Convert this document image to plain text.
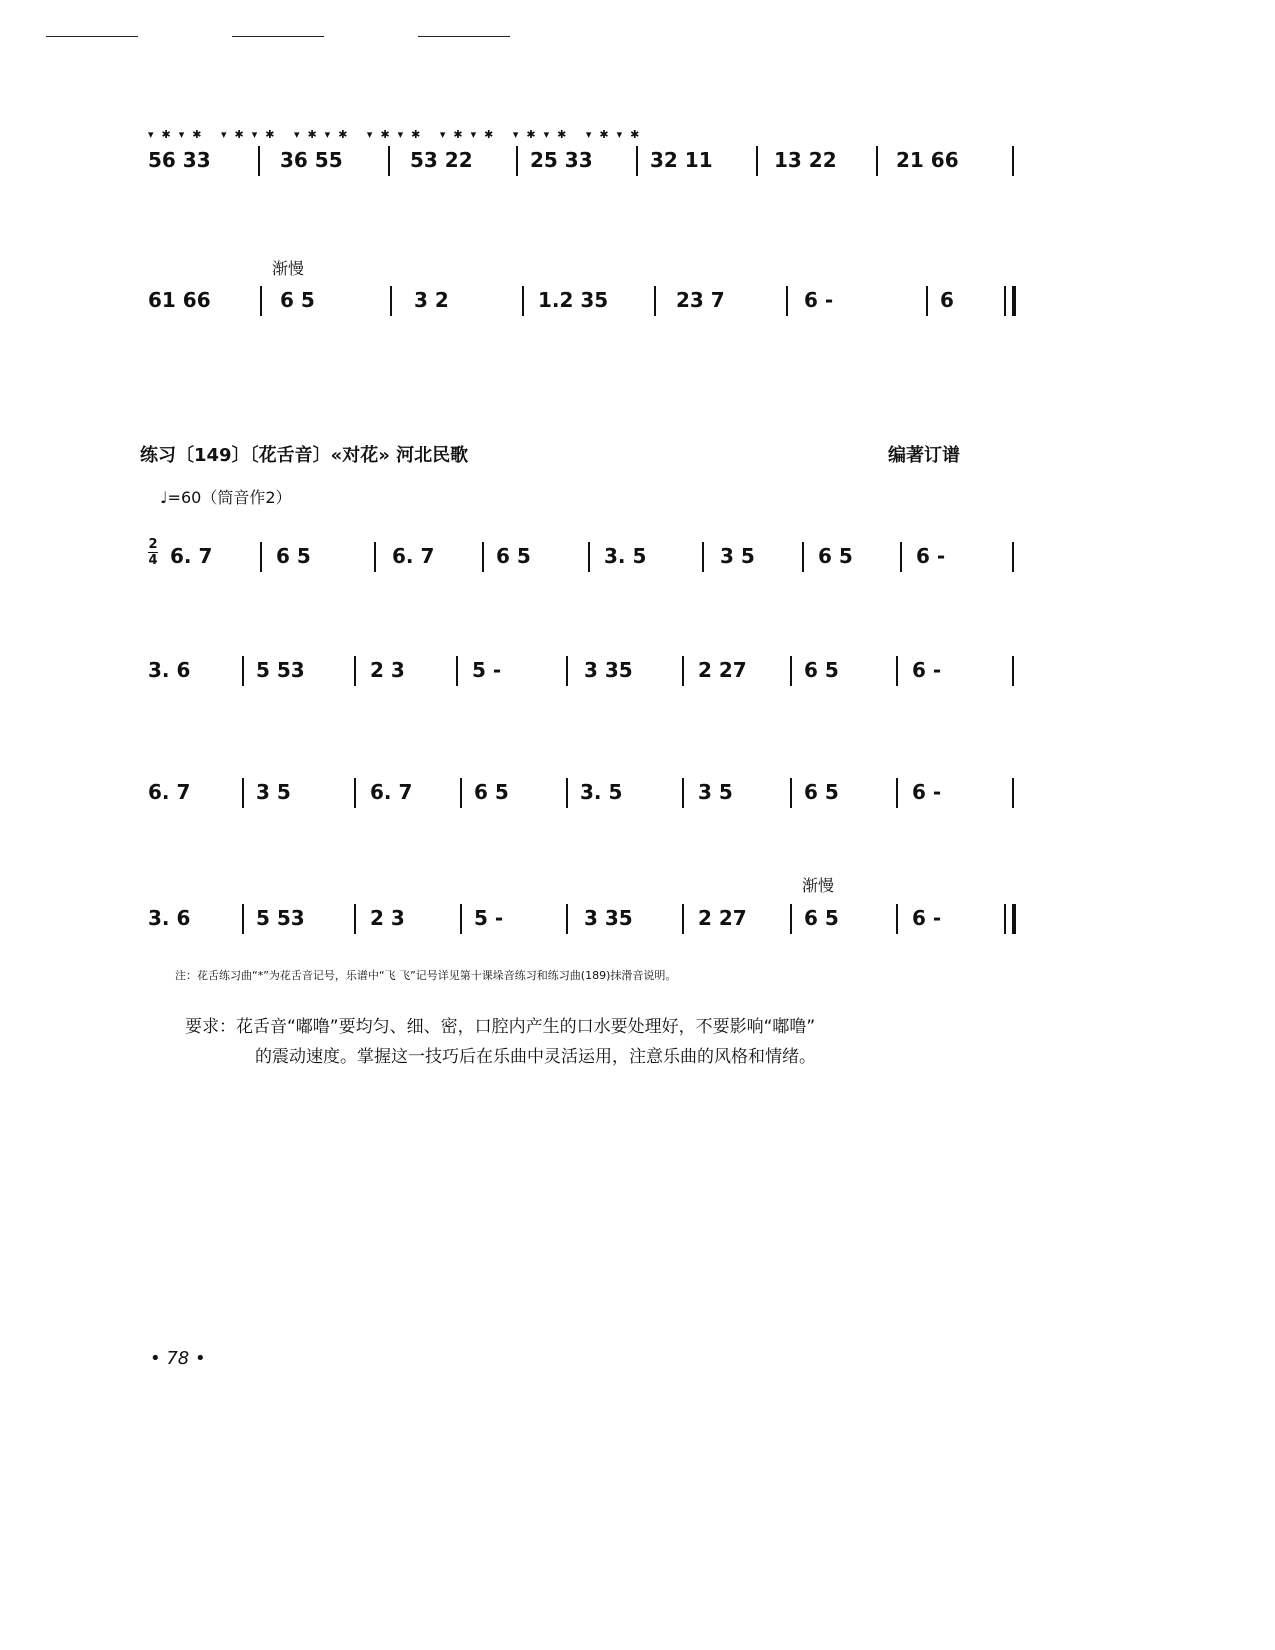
▾✱▾✱ ▾✱▾✱ ▾✱▾✱ ▾✱▾✱ ▾✱▾✱ ▾✱▾✱ ▾✱▾✱
56 33	36 55	53 22	25 33	32 11	13 22	21 66
渐慢
61 66	6 5	3 2	1.2 35	23 7	6 -	6
练习〔149〕〔花舌音〕«对花» 河北民歌	编著订谱
♩=60（筒音作2）
2
4 6. 7	6 5	6. 7	6 5	3. 5	3 5	6 5	6 -
3. 6	5 53	2 3	5 -	3 35	2 27	6 5	6 -
6. 7	3 5	6. 7	6 5	3. 5	3 5	6 5	6 -
渐慢
3. 6	5 53	2 3	5 -	3 35	2 27	6 5	6 -
注：花舌练习曲“*”为花舌音记号，乐谱中“飞 飞”记号详见第十课垛音练习和练习曲(189)抹滑音说明。
要求：花舌音“嘟噜”要均匀、细、密，口腔内产生的口水要处理好，不要影响“嘟噜”
的震动速度。掌握这一技巧后在乐曲中灵活运用，注意乐曲的风格和情绪。
• 78 •
